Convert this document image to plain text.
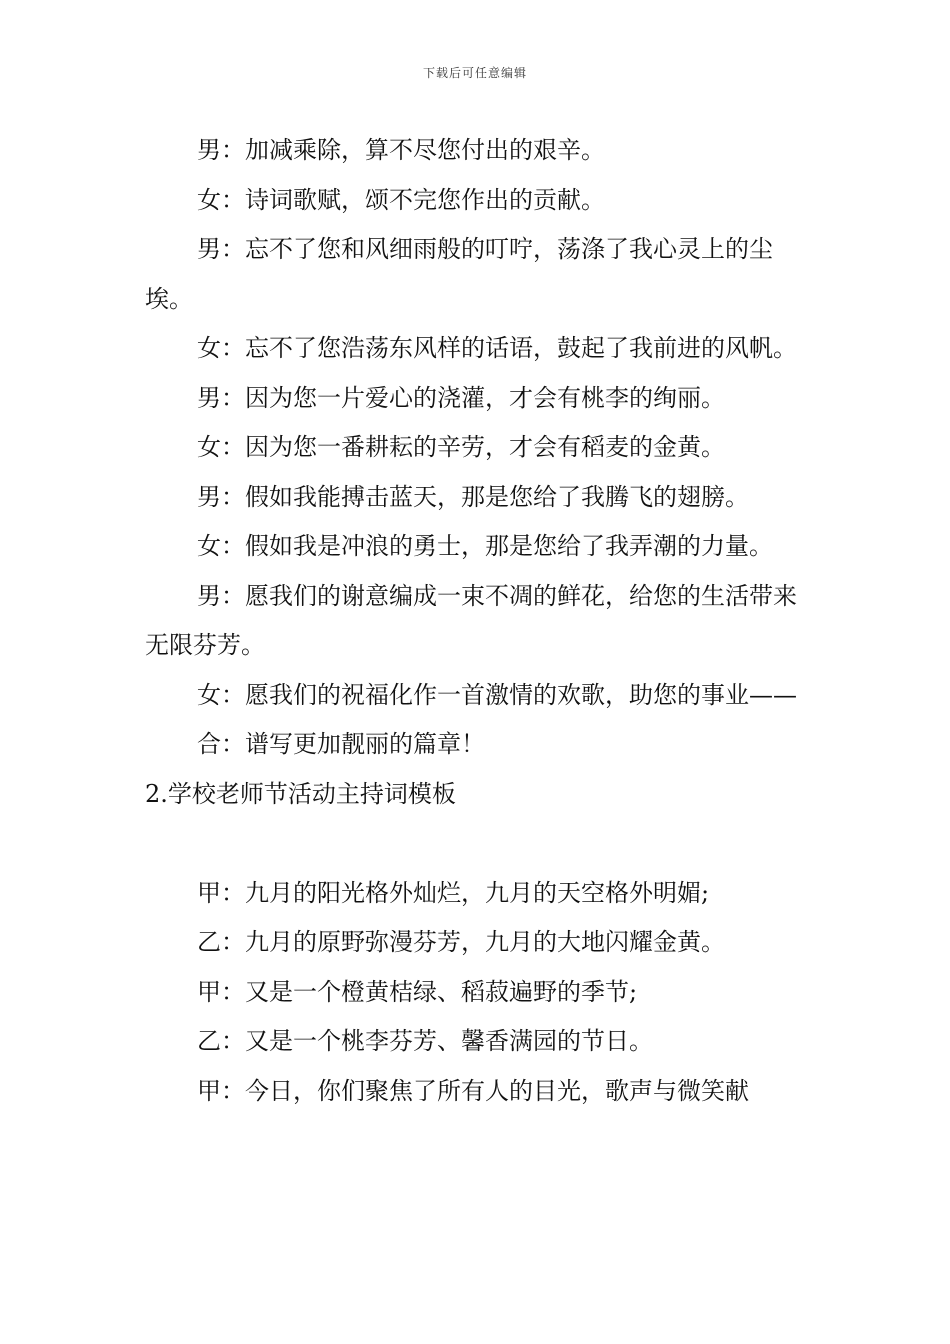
下载后可任意编辑

男：加减乘除，算不尽您付出的艰辛。

女：诗词歌赋，颂不完您作出的贡献。

男：忘不了您和风细雨般的叮咛，荡涤了我心灵上的尘埃。

女：忘不了您浩荡东风样的话语，鼓起了我前进的风帆。

男：因为您一片爱心的浇灌，才会有桃李的绚丽。

女：因为您一番耕耘的辛劳，才会有稻麦的金黄。

男：假如我能搏击蓝天，那是您给了我腾飞的翅膀。

女：假如我是冲浪的勇士，那是您给了我弄潮的力量。

男：愿我们的谢意编成一束不凋的鲜花，给您的生活带来无限芬芳。

女：愿我们的祝福化作一首激情的欢歌，助您的事业——

合：谱写更加靓丽的篇章！

2.学校老师节活动主持词模板

甲：九月的阳光格外灿烂，九月的天空格外明媚;

乙：九月的原野弥漫芬芳，九月的大地闪耀金黄。

甲：又是一个橙黄桔绿、稻菽遍野的季节;

乙：又是一个桃李芬芳、馨香满园的节日。

甲：今日，你们聚焦了所有人的目光，歌声与微笑献
